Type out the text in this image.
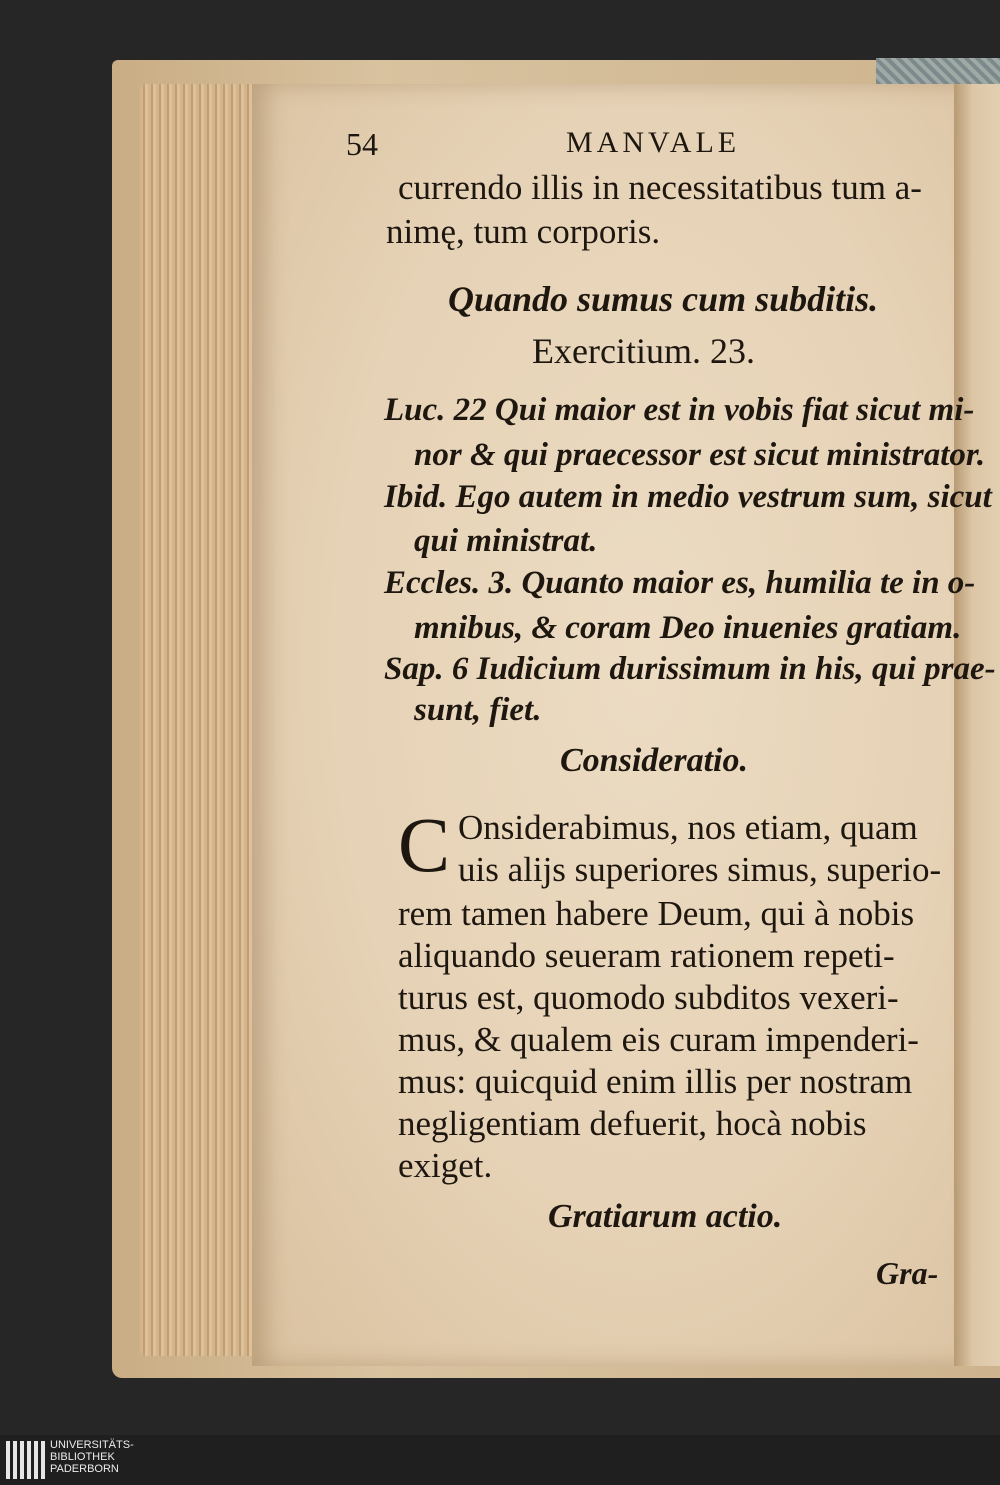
54	MANVALE
currendo illis in necessitatibus tum a-
nimę, tum corporis.
Quando sumus cum subditis.
Exercitium. 23.
Luc. 22 Qui maior est in vobis fiat sicut mi-
nor & qui praecessor est sicut ministrator.
Ibid. Ego autem in medio vestrum sum, sicut
qui ministrat.
Eccles. 3. Quanto maior es, humilia te in o-
mnibus, & coram Deo inuenies gratiam.
Sap. 6 Iudicium durissimum in his, qui prae-
sunt, fiet.
Consideratio.
C Onsiderabimus, nos etiam, quam
uis alijs superiores simus, superio-
rem tamen habere Deum, qui à nobis
aliquando seueram rationem repeti-
turus est, quomodo subditos vexeri-
mus, & qualem eis curam impenderi-
mus: quicquid enim illis per nostram
negligentiam defuerit, hocà nobis
exiget.
Gratiarum actio.
Gra-
UNIVERSITÄTS-
BIBLIOTHEK
PADERBORN
